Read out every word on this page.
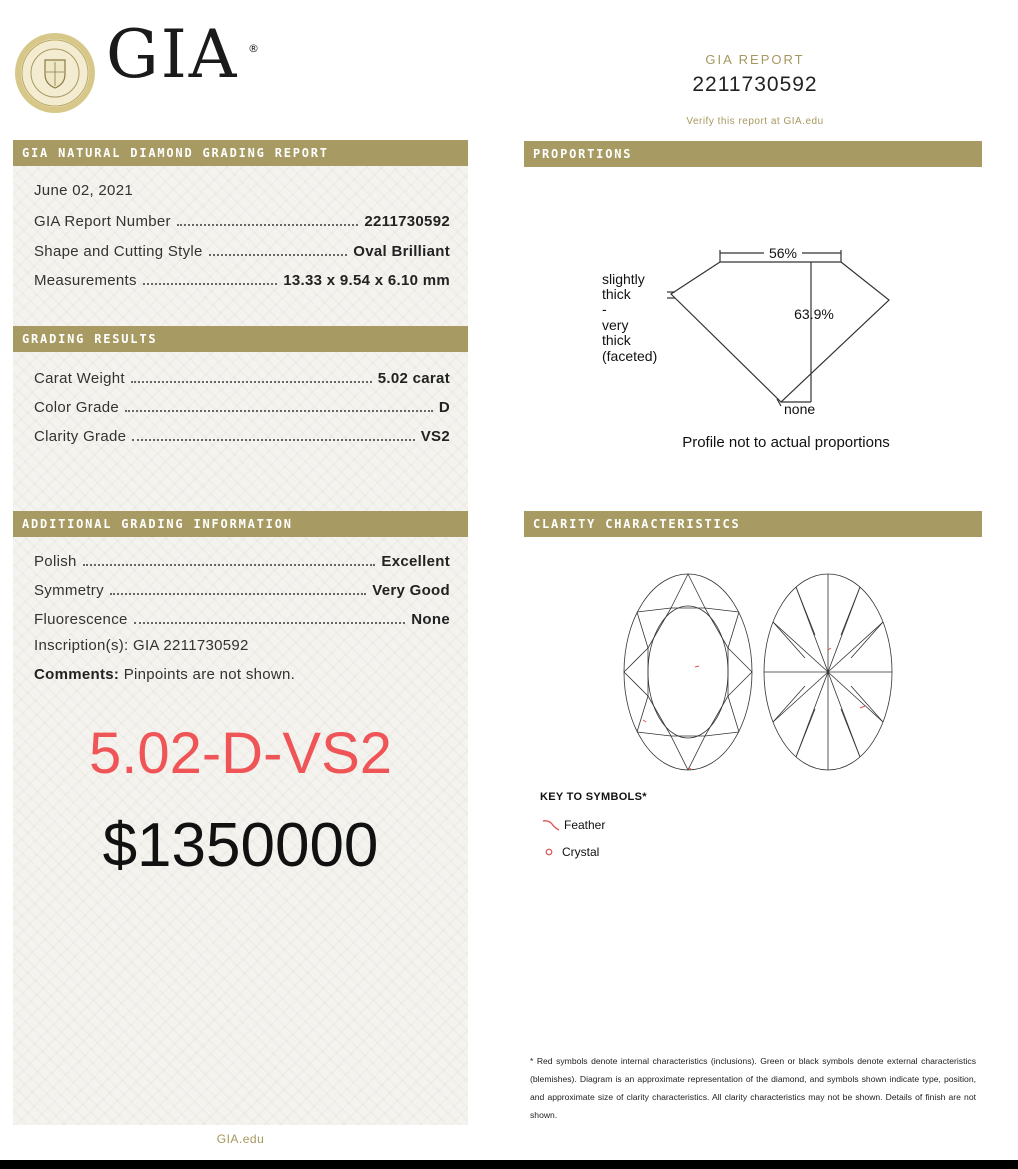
GIA ®
GIA REPORT
2211730592
Verify this report at GIA.edu
GIA NATURAL DIAMOND GRADING REPORT
June 02, 2021
GIA Report Number	2211730592
Shape and Cutting Style	Oval Brilliant
Measurements	13.33 x 9.54 x 6.10 mm
GRADING RESULTS
Carat Weight	5.02 carat
Color Grade	D
Clarity Grade	VS2
ADDITIONAL GRADING INFORMATION
Polish	Excellent
Symmetry	Very Good
Fluorescence	None
Inscription(s): GIA 2211730592
Comments: Pinpoints are not shown.
5.02-D-VS2
$1350000
GIA.edu
PROPORTIONS
CLARITY CHARACTERISTICS
56%
63.9%
slightly
thick
-
very
thick
(faceted)
none
Profile not to actual proportions
KEY TO SYMBOLS*
Feather
Crystal
* Red symbols denote internal characteristics (inclusions). Green or black symbols denote external characteristics (blemishes). Diagram is an approximate representation of the diamond, and symbols shown indicate type, position, and approximate size of clarity characteristics. All clarity characteristics may not be shown. Details of finish are not shown.
